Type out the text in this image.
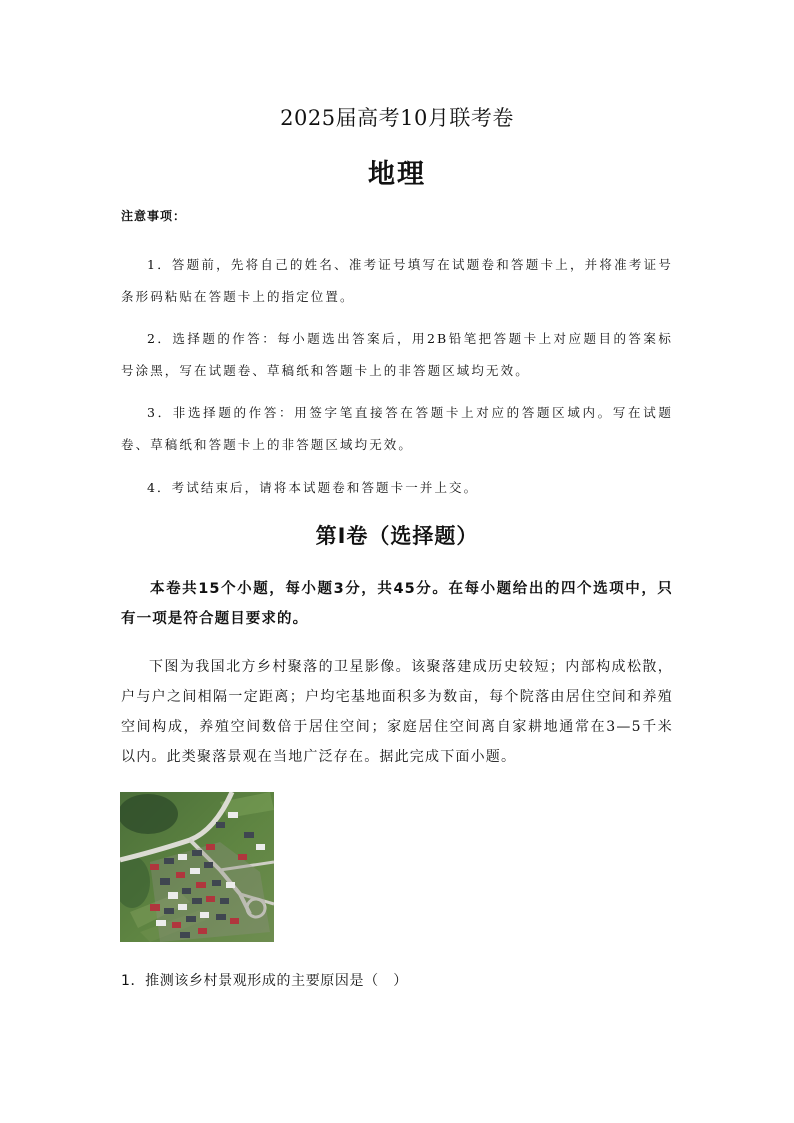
2025届高考10月联考卷
地理
注意事项：
1．答题前，先将自己的姓名、准考证号填写在试题卷和答题卡上，并将准考证号条形码粘贴在答题卡上的指定位置。
2．选择题的作答：每小题选出答案后，用2B铅笔把答题卡上对应题目的答案标号涂黑，写在试题卷、草稿纸和答题卡上的非答题区域均无效。
3．非选择题的作答：用签字笔直接答在答题卡上对应的答题区域内。写在试题卷、草稿纸和答题卡上的非答题区域均无效。
4．考试结束后，请将本试题卷和答题卡一并上交。
第Ⅰ卷（选择题）
本卷共15个小题，每小题3分，共45分。在每小题给出的四个选项中，只有一项是符合题目要求的。
下图为我国北方乡村聚落的卫星影像。该聚落建成历史较短；内部构成松散，户与户之间相隔一定距离；户均宅基地面积多为数亩，每个院落由居住空间和养殖空间构成，养殖空间数倍于居住空间；家庭居住空间离自家耕地通常在3—5千米以内。此类聚落景观在当地广泛存在。据此完成下面小题。
1．推测该乡村景观形成的主要原因是（　）
